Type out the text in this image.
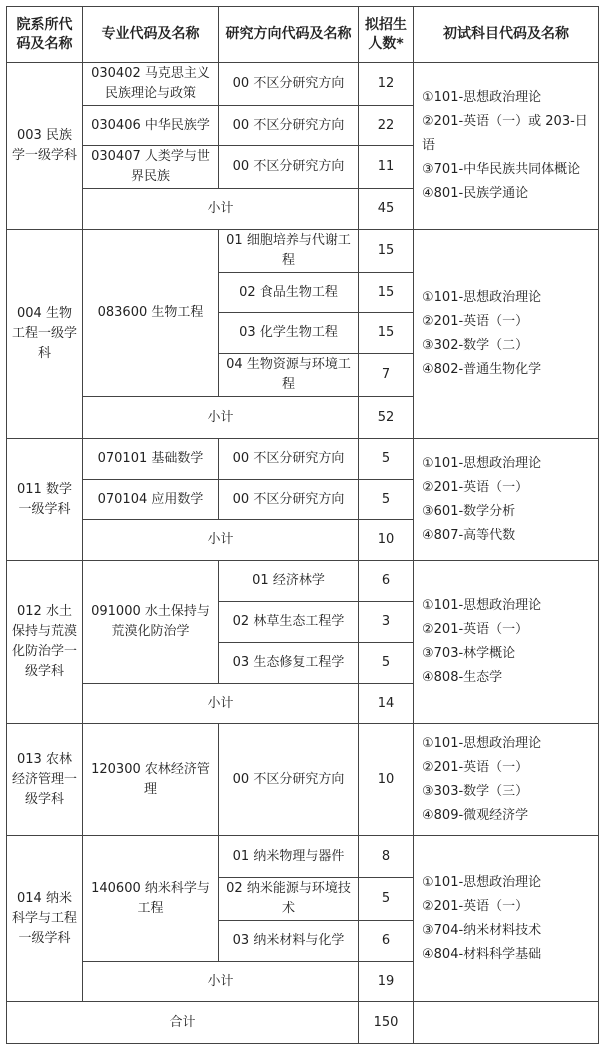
院系所代码及名称	专业代码及名称	研究方向代码及名称	拟招生人数*	初试科目代码及名称
003 民族学一级学科	030402 马克思主义民族理论与政策	00 不区分研究方向	12	①101-思想政治理论
②201-英语（一）或 203-日语
③701-中华民族共同体概论
④801-民族学通论

	030406 中华民族学	00 不区分研究方向	22	
	030407 人类学与世界民族	00 不区分研究方向	11	
	小计		45	
004 生物工程一级学科	083600 生物工程	01 细胞培养与代谢工程	15	①101-思想政治理论
②201-英语（一）
③302-数学（二）
④802-普通生物化学

		02 食品生物工程	15	
		03 化学生物工程	15	
		04 生物资源与环境工程	7	
	小计		52	
011 数学一级学科	070101 基础数学	00 不区分研究方向	5	①101-思想政治理论
②201-英语（一）
③601-数学分析
④807-高等代数

	070104 应用数学	00 不区分研究方向	5	
	小计		10	
012 水土保持与荒漠化防治学一级学科	091000 水土保持与荒漠化防治学	01 经济林学	6	①101-思想政治理论
②201-英语（一）
③703-林学概论
④808-生态学

		02 林草生态工程学	3	
		03 生态修复工程学	5	
	小计		14	
013 农林经济管理一级学科	120300 农林经济管理	00 不区分研究方向	10	①101-思想政治理论
②201-英语（一）
③303-数学（三）
④809-微观经济学

014 纳米科学与工程一级学科	140600 纳米科学与工程	01 纳米物理与器件	8	①101-思想政治理论
②201-英语（一）
③704-纳米材料技术
④804-材料科学基础

		02 纳米能源与环境技术	5	
		03 纳米材料与化学	6	
	小计		19	
合计			150	
